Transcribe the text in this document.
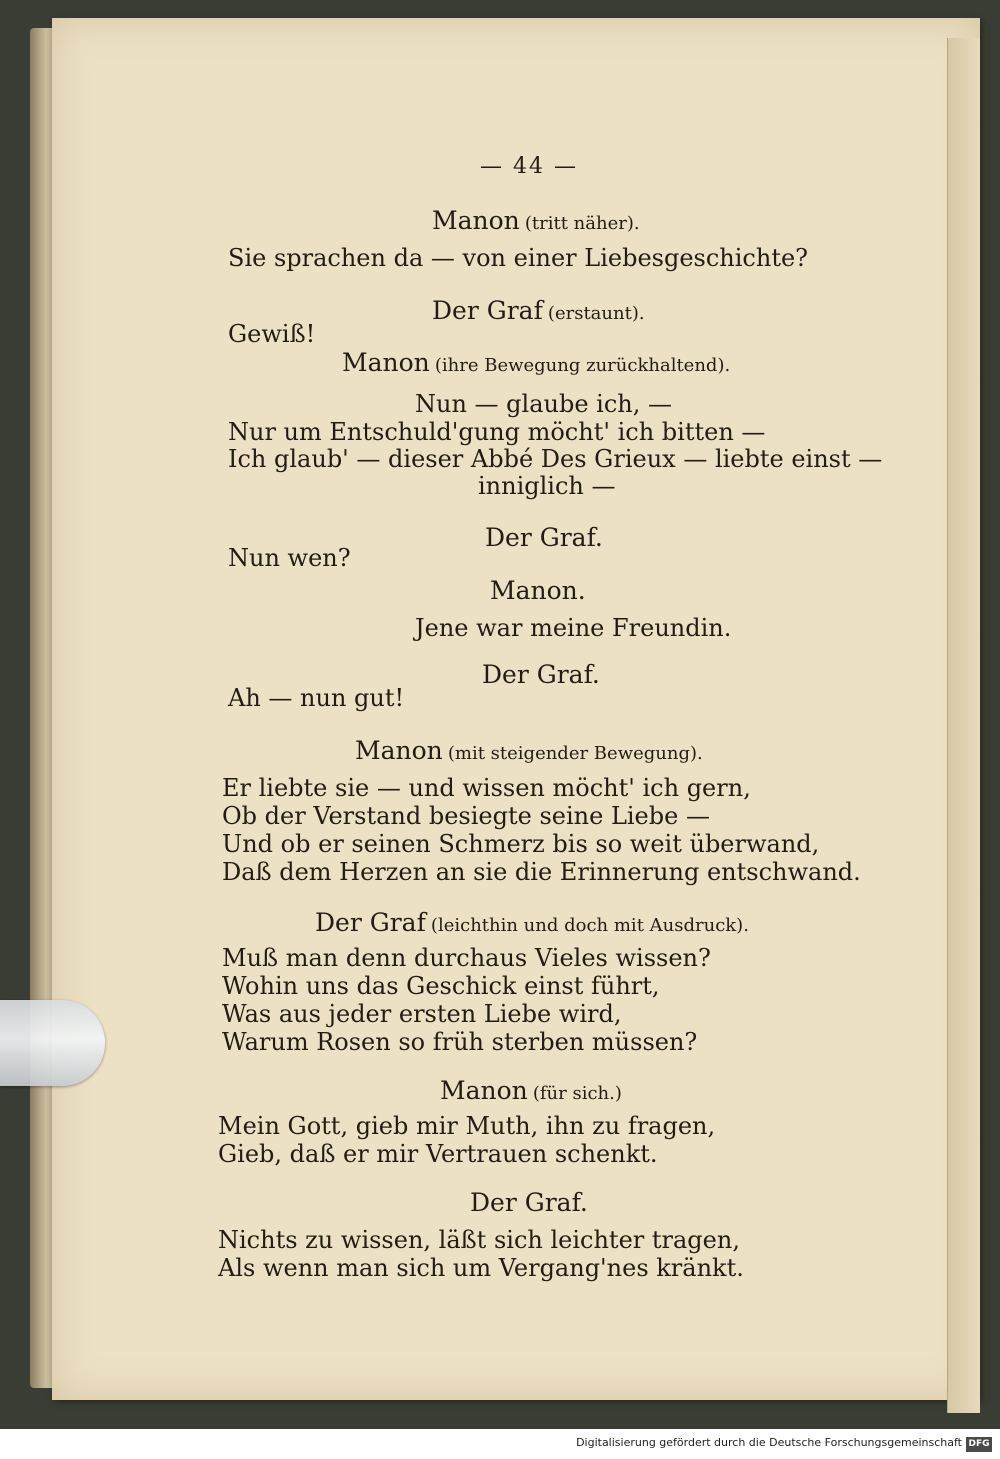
— 44 —
Manon (tritt näher).
Sie sprachen da — von einer Liebesgeschichte?
Der Graf (erstaunt).
Gewiß!
Manon (ihre Bewegung zurückhaltend).
Nun — glaube ich, —
Nur um Entschuld'gung möcht' ich bitten —
Ich glaub' — dieser Abbé Des Grieux — liebte einst —
inniglich —
Der Graf.
Nun wen?
Manon.
Jene war meine Freundin.
Der Graf.
Ah — nun gut!
Manon (mit steigender Bewegung).
Er liebte sie — und wissen möcht' ich gern,
Ob der Verstand besiegte seine Liebe —
Und ob er seinen Schmerz bis so weit überwand,
Daß dem Herzen an sie die Erinnerung entschwand.
Der Graf (leichthin und doch mit Ausdruck).
Muß man denn durchaus Vieles wissen?
Wohin uns das Geschick einst führt,
Was aus jeder ersten Liebe wird,
Warum Rosen so früh sterben müssen?
Manon (für sich.)
Mein Gott, gieb mir Muth, ihn zu fragen,
Gieb, daß er mir Vertrauen schenkt.
Der Graf.
Nichts zu wissen, läßt sich leichter tragen,
Als wenn man sich um Vergang'nes kränkt.
Digitalisierung gefördert durch die Deutsche Forschungsgemeinschaft DFG
